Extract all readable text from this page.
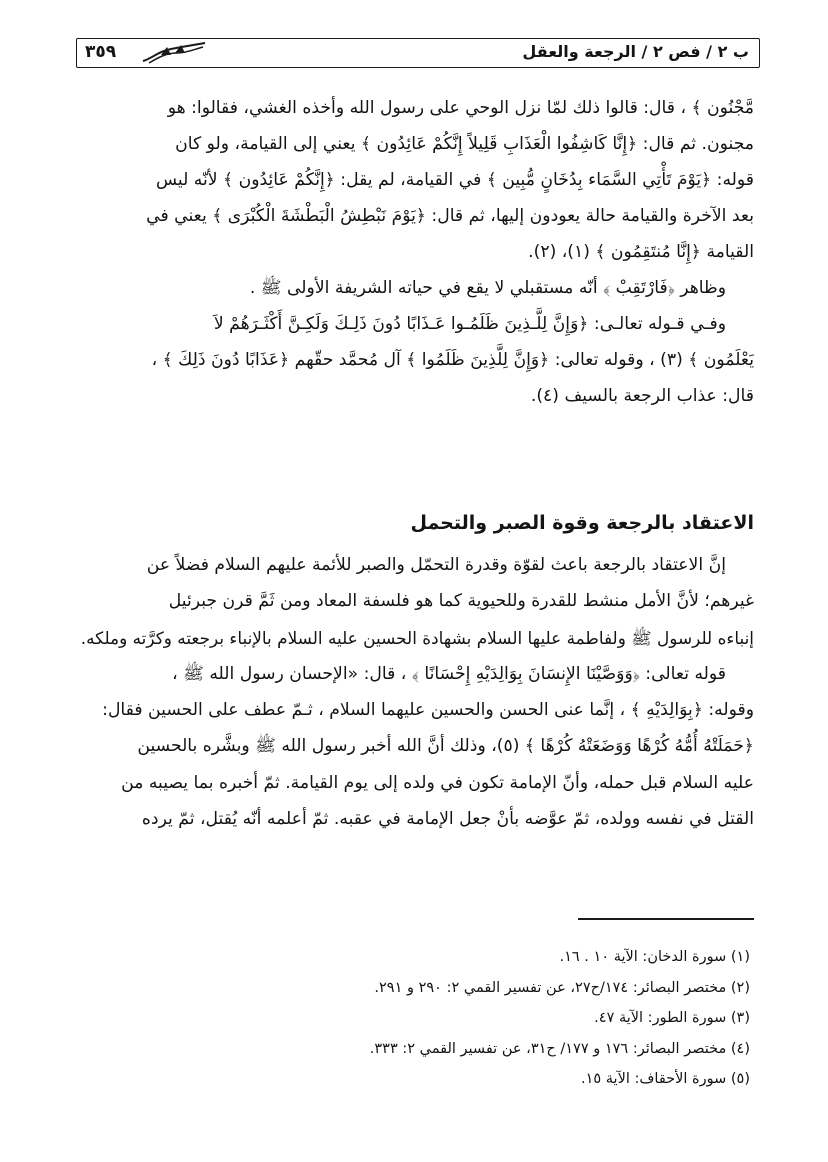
ب ٢ / فص ٢ / الرجعة والعقل
٣٥٩
مَّجْنُون ﴾ ، قال: قالوا ذلك لمّا نزل الوحي على رسول الله وأخذه الغشي، فقالوا: هو
مجنون. ثم قال: ﴿إِنَّا كَاشِفُوا الْعَذَابِ قَلِيلاً إِنَّكُمْ عَائِدُون ﴾ يعني إلى القيامة، ولو كان
قوله: ﴿يَوْمَ تَأْتِي السَّمَاء بِدُخَانٍ مُّبِين ﴾ في القيامة، لم يقل: ﴿إِنَّكُمْ عَائِدُون ﴾ لأنّه ليس
بعد الآخرة والقيامة حالة يعودون إليها، ثم قال: ﴿يَوْمَ نَبْطِشُ الْبَطْشَةَ الْكُبْرَى ﴾ يعني في
القيامة ﴿إِنَّا مُنتَقِمُون ﴾ (١)، (٢).
وظاهر ﴿فَارْتَقِبْ ﴾ أنّه مستقبلي لا يقع في حياته الشريفة الأولى ﷺ .
وفـي قـوله تعالـى: ﴿وَإِنَّ لِلَّـذِينَ ظَلَمُـوا عَـذَابًا دُونَ ذَلِـكَ وَلَكِـنَّ أَكْثَـرَهُمْ لاَ
يَعْلَمُون ﴾ (٣) ، وقوله تعالى: ﴿وَإِنَّ لِلَّذِينَ ظَلَمُوا ﴾ آل مُحمَّد حقّهم ﴿عَذَابًا دُونَ ذَلِكَ ﴾ ،
قال: عذاب الرجعة بالسيف (٤).
الاعتقاد بالرجعة وقوة الصبر والتحمل
إنَّ الاعتقاد بالرجعة باعث لقوّة وقدرة التحمّل والصبر للأئمة عليهم السلام فضلاً عن
غيرهم؛ لأنَّ الأمل منشط للقدرة وللحيوية كما هو فلسفة المعاد ومن ثَمَّ قرن جبرئيل
إنباءه للرسول ﷺ ولفاطمة عليها السلام بشهادة الحسين عليه السلام بالإنباء برجعته وكرَّته وملكه.
قوله تعالى: ﴿وَوَصَّيْنَا الإِنسَانَ بِوَالِدَيْهِ إِحْسَانًا ﴾ ، قال: «الإحسان رسول الله ﷺ ،
وقوله: ﴿بِوَالِدَيْهِ ﴾ ، إنَّما عنى الحسن والحسين عليهما السلام ، ثـمّ عطف على الحسين فقال:
﴿حَمَلَتْهُ أُمُّهُ كُرْهًا وَوَضَعَتْهُ كُرْهًا ﴾ (٥)، وذلك أنَّ الله أخبر رسول الله ﷺ وبشَّره بالحسين
عليه السلام قبل حمله، وأنّ الإمامة تكون في ولده إلى يوم القيامة. ثمّ أخبره بما يصيبه من
القتل في نفسه وولده، ثمّ عوَّضه بأنْ جعل الإمامة في عقبه. ثمّ أعلمه أنّه يُقتل، ثمّ يرده
(١) سورة الدخان: الآية ١٠ . ١٦.
(٢) مختصر البصائر: ١٧٤/ح٢٧، عن تفسير القمي ٢: ٢٩٠ و ٢٩١.
(٣) سورة الطور: الآية ٤٧.
(٤) مختصر البصائر: ١٧٦ و ١٧٧/ ح٣١، عن تفسير القمي ٢: ٣٣٣.
(٥) سورة الأحقاف: الآية ١٥.
